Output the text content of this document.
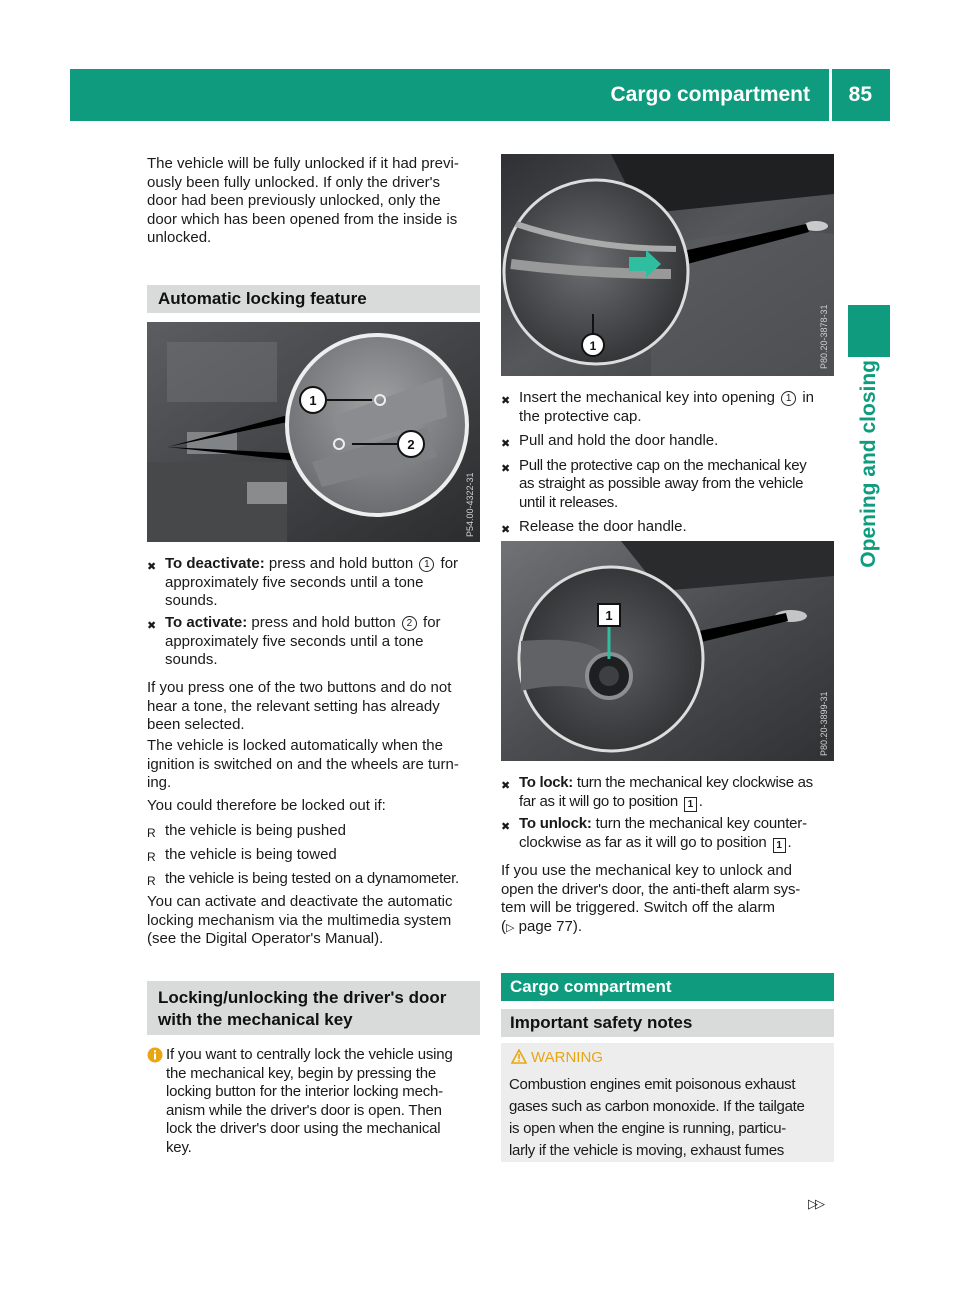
Cargo compartment 85
Opening and closing
The vehicle will be fully unlocked if it had previ-
ously been fully unlocked. If only the driver's
door had been previously unlocked, only the
door which has been opened from the inside is
unlocked.
Automatic locking feature
1
2
P54.00-4322-31
✖ To deactivate: press and hold button 1 for
approximately five seconds until a tone
sounds.
✖ To activate: press and hold button 2 for
approximately five seconds until a tone
sounds.
If you press one of the two buttons and do not
hear a tone, the relevant setting has already
been selected.
The vehicle is locked automatically when the
ignition is switched on and the wheels are turn-
ing.
You could therefore be locked out if:
R the vehicle is being pushed
R the vehicle is being towed
R the vehicle is being tested on a dynamometer.
You can activate and deactivate the automatic
locking mechanism via the multimedia system
(see the Digital Operator's Manual).
Locking/unlocking the driver's door
with the mechanical key
If you want to centrally lock the vehicle using
the mechanical key, begin by pressing the
locking button for the interior locking mech-
anism while the driver's door is open. Then
lock the driver's door using the mechanical
key.
1	P80.20-3878-31
✖ Insert the mechanical key into opening 1 in
the protective cap.
✖ Pull and hold the door handle.
✖ Pull the protective cap on the mechanical key
as straight as possible away from the vehicle
until it releases.
✖ Release the door handle.
1
P80.20-3899-31
✖ To lock: turn the mechanical key clockwise as
far as it will go to position 1 .
✖ To unlock: turn the mechanical key counter-
clockwise as far as it will go to position 1 .
If you use the mechanical key to unlock and
open the driver's door, the anti-theft alarm sys-
tem will be triggered. Switch off the alarm
(▷ page 77).
Cargo compartment
Important safety notes
WARNING
Combustion engines emit poisonous exhaust
gases such as carbon monoxide. If the tailgate
is open when the engine is running, particu-
larly if the vehicle is moving, exhaust fumes
▷▷
